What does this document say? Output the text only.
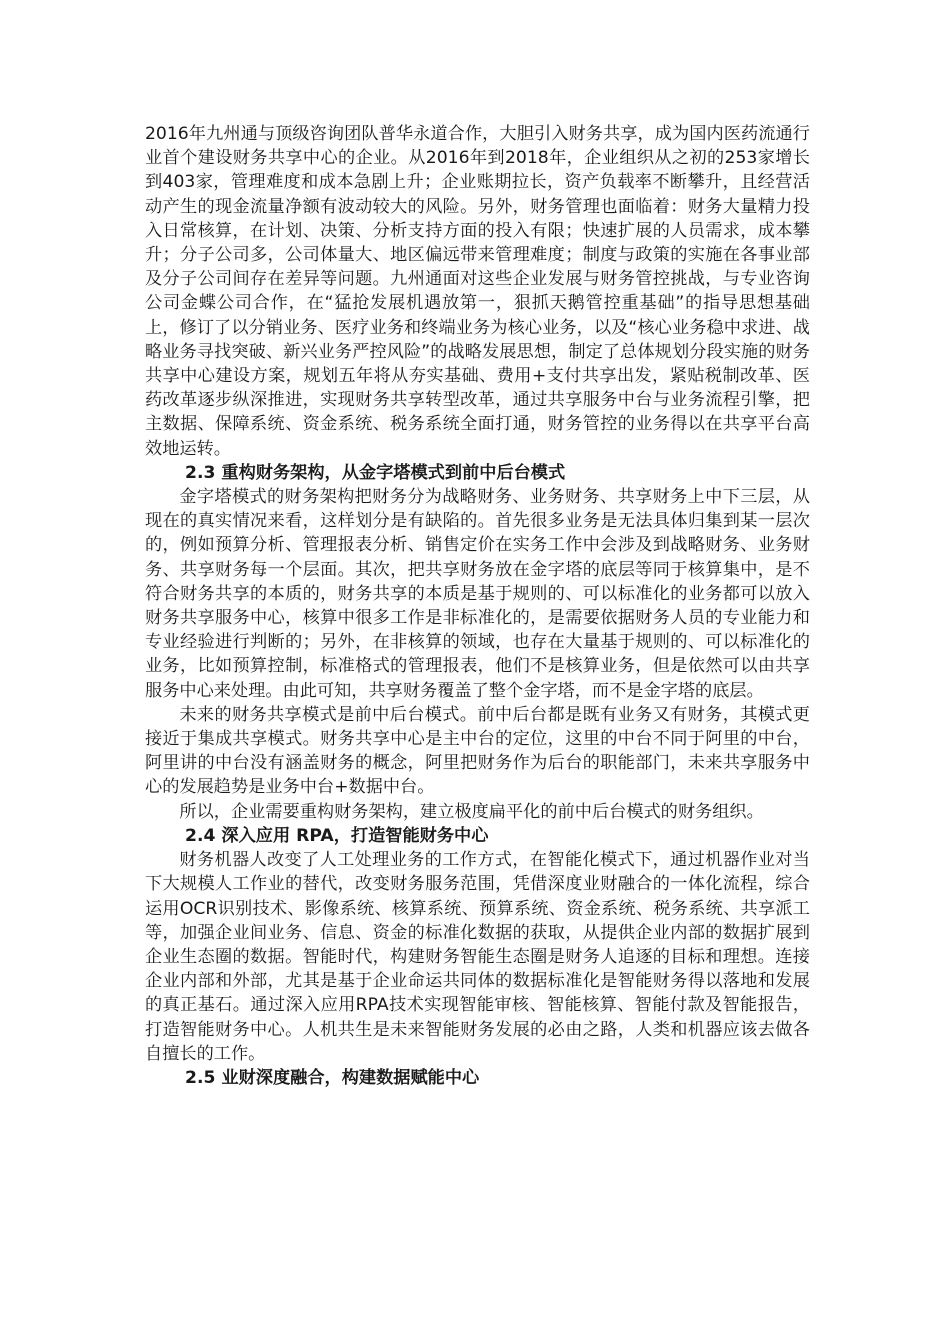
2016年九州通与顶级咨询团队普华永道合作，大胆引入财务共享，成为国内医药流通行业首个建设财务共享中心的企业。从2016年到2018年，企业组织从之初的253家增长到403家，管理难度和成本急剧上升；企业账期拉长，资产负载率不断攀升，且经营活动产生的现金流量净额有波动较大的风险。另外，财务管理也面临着：财务大量精力投入日常核算，在计划、决策、分析支持方面的投入有限；快速扩展的人员需求，成本攀升；分子公司多，公司体量大、地区偏远带来管理难度；制度与政策的实施在各事业部及分子公司间存在差异等问题。九州通面对这些企业发展与财务管控挑战，与专业咨询公司金蝶公司合作，在“猛抢发展机遇放第一，狠抓天鹅管控重基础”的指导思想基础上，修订了以分销业务、医疗业务和终端业务为核心业务，以及“核心业务稳中求进、战略业务寻找突破、新兴业务严控风险”的战略发展思想，制定了总体规划分段实施的财务共享中心建设方案，规划五年将从夯实基础、费用+支付共享出发，紧贴税制改革、医药改革逐步纵深推进，实现财务共享转型改革，通过共享服务中台与业务流程引擎，把主数据、保障系统、资金系统、税务系统全面打通，财务管控的业务得以在共享平台高效地运转。

2.3 重构财务架构，从金字塔模式到前中后台模式

金字塔模式的财务架构把财务分为战略财务、业务财务、共享财务上中下三层，从现在的真实情况来看，这样划分是有缺陷的。首先很多业务是无法具体归集到某一层次的，例如预算分析、管理报表分析、销售定价在实务工作中会涉及到战略财务、业务财务、共享财务每一个层面。其次，把共享财务放在金字塔的底层等同于核算集中，是不符合财务共享的本质的，财务共享的本质是基于规则的、可以标准化的业务都可以放入财务共享服务中心，核算中很多工作是非标准化的，是需要依据财务人员的专业能力和专业经验进行判断的；另外，在非核算的领域，也存在大量基于规则的、可以标准化的业务，比如预算控制，标准格式的管理报表，他们不是核算业务，但是依然可以由共享服务中心来处理。由此可知，共享财务覆盖了整个金字塔，而不是金字塔的底层。

未来的财务共享模式是前中后台模式。前中后台都是既有业务又有财务，其模式更接近于集成共享模式。财务共享中心是主中台的定位，这里的中台不同于阿里的中台，阿里讲的中台没有涵盖财务的概念，阿里把财务作为后台的职能部门，未来共享服务中心的发展趋势是业务中台+数据中台。

所以，企业需要重构财务架构，建立极度扁平化的前中后台模式的财务组织。

2.4 深入应用 RPA，打造智能财务中心

财务机器人改变了人工处理业务的工作方式，在智能化模式下，通过机器作业对当下大规模人工作业的替代，改变财务服务范围，凭借深度业财融合的一体化流程，综合运用OCR识别技术、影像系统、核算系统、预算系统、资金系统、税务系统、共享派工等，加强企业间业务、信息、资金的标准化数据的获取，从提供企业内部的数据扩展到企业生态圈的数据。智能时代，构建财务智能生态圈是财务人追逐的目标和理想。连接企业内部和外部，尤其是基于企业命运共同体的数据标准化是智能财务得以落地和发展的真正基石。通过深入应用RPA技术实现智能审核、智能核算、智能付款及智能报告，打造智能财务中心。人机共生是未来智能财务发展的必由之路，人类和机器应该去做各自擅长的工作。

2.5 业财深度融合，构建数据赋能中心
